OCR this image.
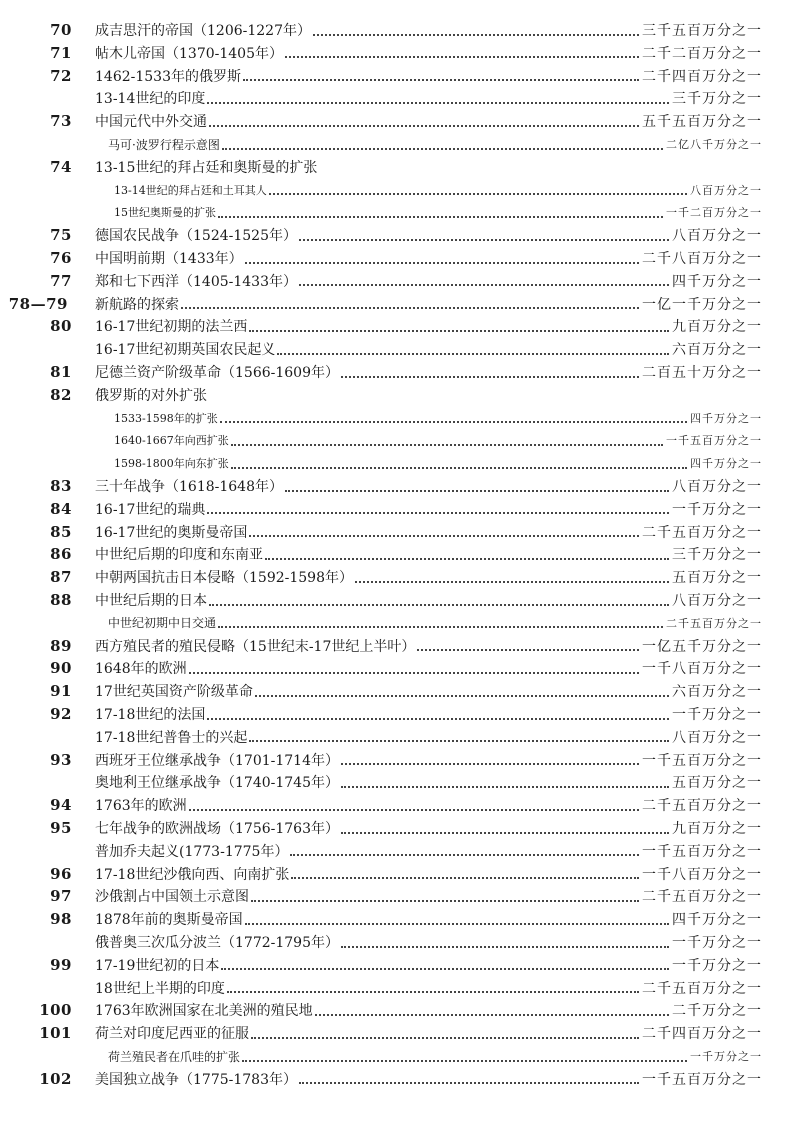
70 成吉思汗的帝国（1206-1227年）	三千五百万分之一
71 帖木儿帝国（1370-1405年）	二千二百万分之一
72 1462-1533年的俄罗斯	二千四百万分之一
13-14世纪的印度	三千万分之一
73 中国元代中外交通	五千五百万分之一
马可·波罗行程示意图	二亿八千万分之一
74 13-15世纪的拜占廷和奥斯曼的扩张
13-14世纪的拜占廷和土耳其人	八百万分之一
15世纪奥斯曼的扩张	一千二百万分之一
75 德国农民战争（1524-1525年）	八百万分之一
76 中国明前期（1433年）	二千八百万分之一
77 郑和七下西洋（1405-1433年）	四千万分之一
78—79 新航路的探索	一亿一千万分之一
80 16-17世纪初期的法兰西	九百万分之一
16-17世纪初期英国农民起义	六百万分之一
81 尼德兰资产阶级革命（1566-1609年）	二百五十万分之一
82 俄罗斯的对外扩张
1533-1598年的扩张	四千万分之一
1640-1667年向西扩张	一千五百万分之一
1598-1800年向东扩张	四千万分之一
83 三十年战争（1618-1648年）	八百万分之一
84 16-17世纪的瑞典	一千万分之一
85 16-17世纪的奥斯曼帝国	二千五百万分之一
86 中世纪后期的印度和东南亚	三千万分之一
87 中朝两国抗击日本侵略（1592-1598年）	五百万分之一
88 中世纪后期的日本	八百万分之一
中世纪初期中日交通	二千五百万分之一
89 西方殖民者的殖民侵略（15世纪末-17世纪上半叶）	一亿五千万分之一
90 1648年的欧洲	一千八百万分之一
91 17世纪英国资产阶级革命	六百万分之一
92 17-18世纪的法国	一千万分之一
17-18世纪普鲁士的兴起	八百万分之一
93 西班牙王位继承战争（1701-1714年）	一千五百万分之一
奥地利王位继承战争（1740-1745年）	五百万分之一
94 1763年的欧洲	二千五百万分之一
95 七年战争的欧洲战场（1756-1763年）	九百万分之一
普加乔夫起义(1773-1775年）	一千五百万分之一
96 17-18世纪沙俄向西、向南扩张	一千八百万分之一
97 沙俄割占中国领土示意图	二千五百万分之一
98 1878年前的奥斯曼帝国	四千万分之一
俄普奥三次瓜分波兰（1772-1795年）	一千万分之一
99 17-19世纪初的日本	一千万分之一
18世纪上半期的印度	二千五百万分之一
100 1763年欧洲国家在北美洲的殖民地	二千万分之一
101 荷兰对印度尼西亚的征服	二千四百万分之一
荷兰殖民者在爪哇的扩张	一千万分之一
102 美国独立战争（1775-1783年）	一千五百万分之一
